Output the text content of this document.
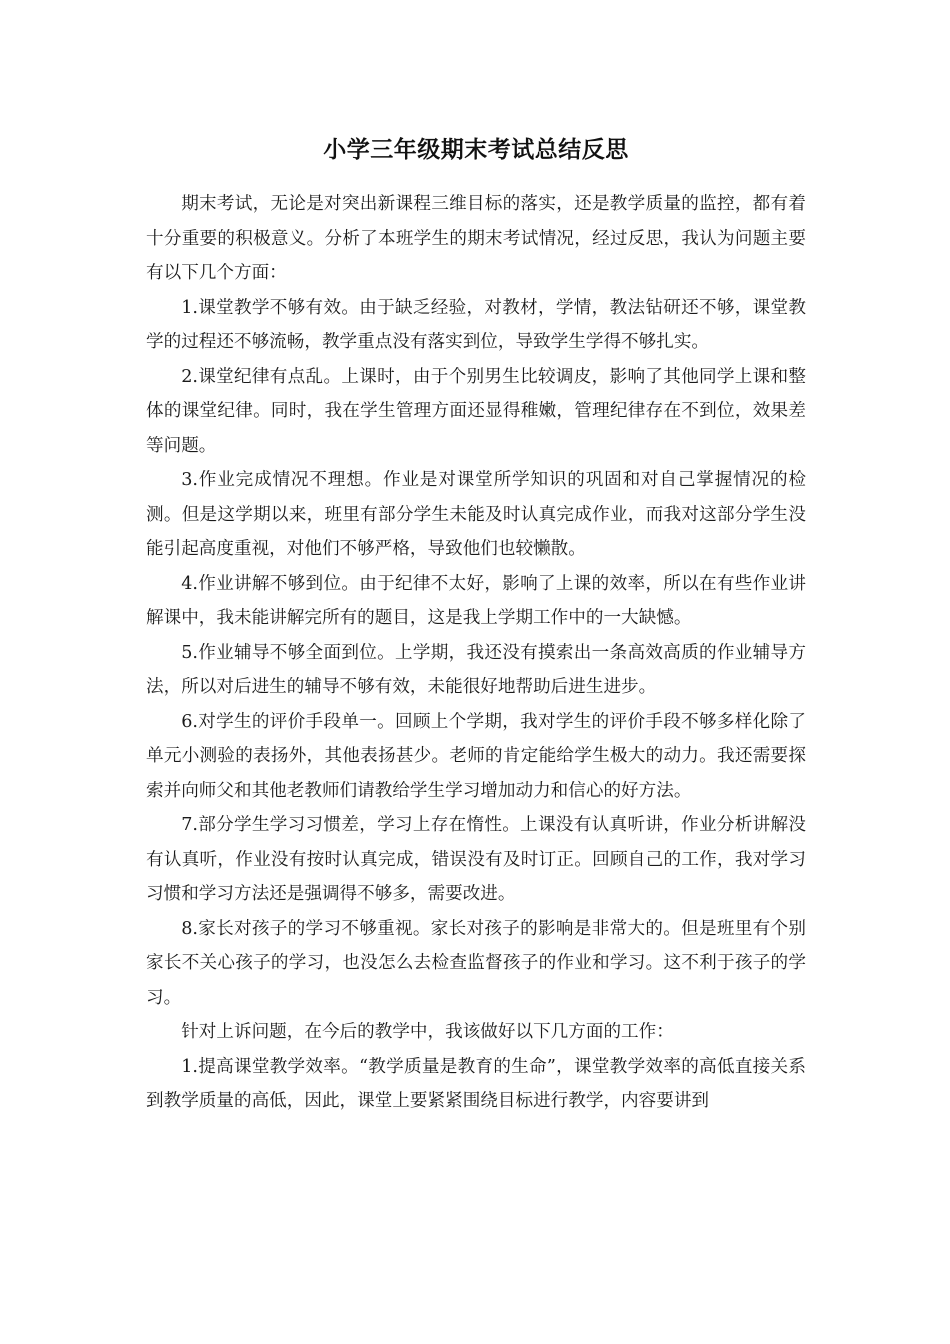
小学三年级期末考试总结反思

期末考试，无论是对突出新课程三维目标的落实，还是教学质量的监控，都有着十分重要的积极意义。分析了本班学生的期末考试情况，经过反思，我认为问题主要有以下几个方面：

1.课堂教学不够有效。由于缺乏经验，对教材，学情，教法钻研还不够，课堂教学的过程还不够流畅，教学重点没有落实到位，导致学生学得不够扎实。

2.课堂纪律有点乱。上课时，由于个别男生比较调皮，影响了其他同学上课和整体的课堂纪律。同时，我在学生管理方面还显得稚嫩，管理纪律存在不到位，效果差等问题。

3.作业完成情况不理想。作业是对课堂所学知识的巩固和对自己掌握情况的检测。但是这学期以来，班里有部分学生未能及时认真完成作业，而我对这部分学生没能引起高度重视，对他们不够严格，导致他们也较懒散。

4.作业讲解不够到位。由于纪律不太好，影响了上课的效率，所以在有些作业讲解课中，我未能讲解完所有的题目，这是我上学期工作中的一大缺憾。

5.作业辅导不够全面到位。上学期，我还没有摸索出一条高效高质的作业辅导方法，所以对后进生的辅导不够有效，未能很好地帮助后进生进步。

6.对学生的评价手段单一。回顾上个学期，我对学生的评价手段不够多样化除了单元小测验的表扬外，其他表扬甚少。老师的肯定能给学生极大的动力。我还需要探索并向师父和其他老教师们请教给学生学习增加动力和信心的好方法。

7.部分学生学习习惯差，学习上存在惰性。上课没有认真听讲，作业分析讲解没有认真听，作业没有按时认真完成，错误没有及时订正。回顾自己的工作，我对学习习惯和学习方法还是强调得不够多，需要改进。

8.家长对孩子的学习不够重视。家长对孩子的影响是非常大的。但是班里有个别家长不关心孩子的学习，也没怎么去检查监督孩子的作业和学习。这不利于孩子的学习。

针对上诉问题，在今后的教学中，我该做好以下几方面的工作：

1.提高课堂教学效率。“教学质量是教育的生命”，课堂教学效率的高低直接关系到教学质量的高低，因此，课堂上要紧紧围绕目标进行教学，内容要讲到
